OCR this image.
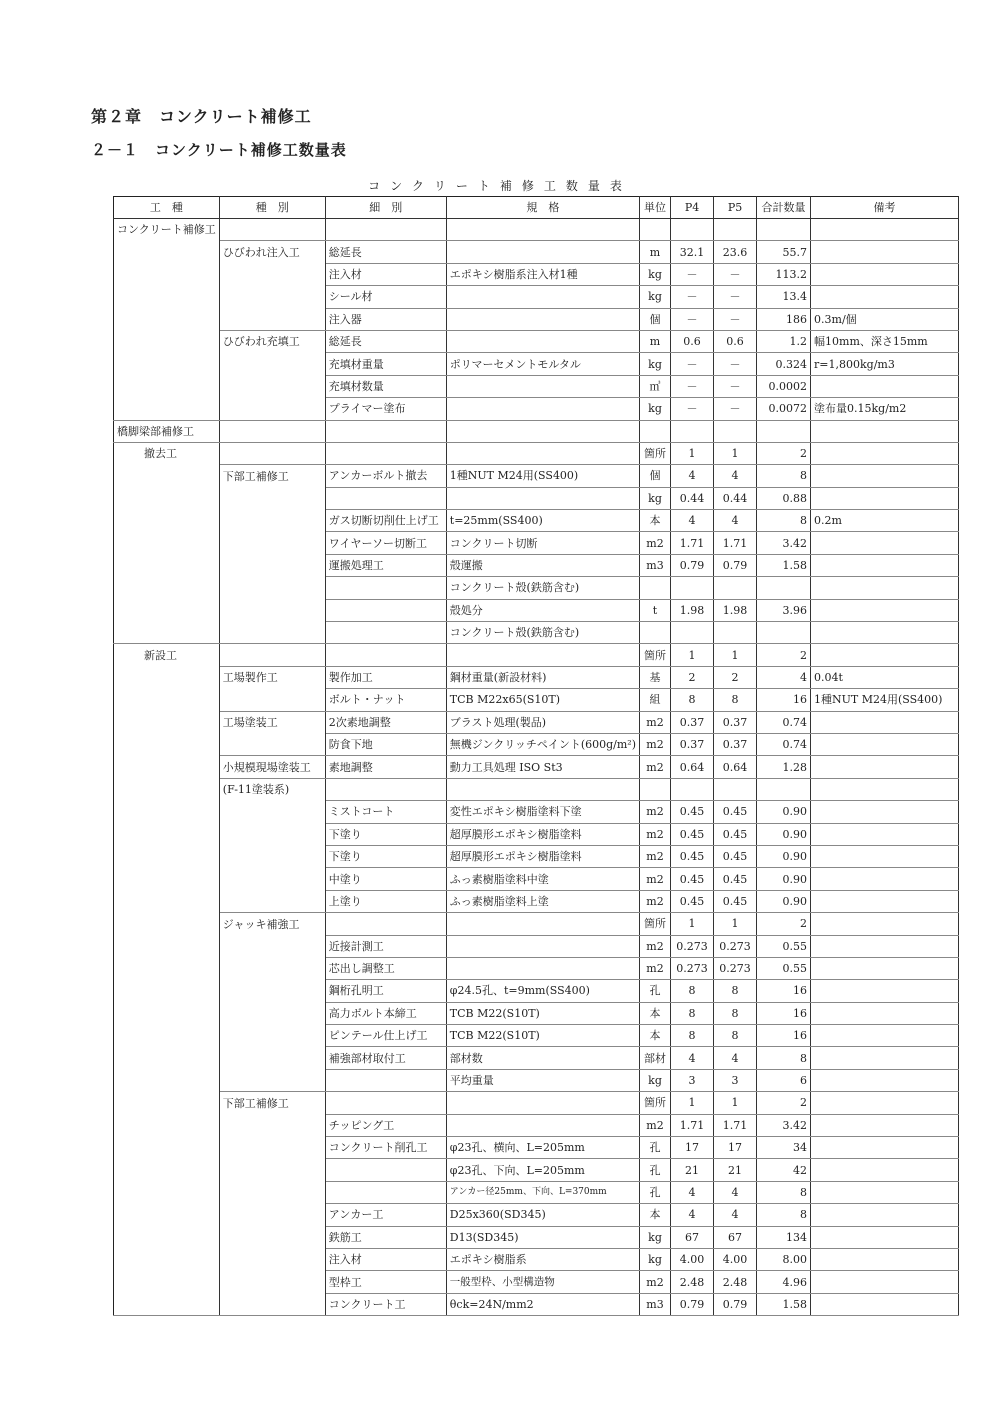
第２章　コンクリート補修工
２－１　コンクリート補修工数量表
コンクリート補修工数量表
工　種	種　別	細　別	規　格	単位	P4	P5	合計数量	備考
コンクリート補修工								
	ひびわれ注入工	総延長		m	32.1	23.6	55.7	
		注入材	エポキシ樹脂系注入材1種	kg	－	－	113.2	
		シール材		kg	－	－	13.4	
		注入器		個	－	－	186	0.3m/個
	ひびわれ充填工	総延長		m	0.6	0.6	1.2	幅10mm、深さ15mm
		充填材重量	ポリマーセメントモルタル	kg	－	－	0.324	r=1,800kg/m3
		充填材数量		㎥	－	－	0.0002	
		プライマー塗布		kg	－	－	0.0072	塗布量0.15kg/m2
橋脚梁部補修工								
撤去工				箇所	1	1	2	
	下部工補修工	アンカーボルト撤去	1種NUT M24用(SS400)	個	4	4	8	
				kg	0.44	0.44	0.88	
		ガス切断切削仕上げ工	t=25mm(SS400)	本	4	4	8	0.2m
		ワイヤーソー切断工	コンクリート切断	m2	1.71	1.71	3.42	
		運搬処理工	殻運搬	m3	0.79	0.79	1.58	
			コンクリート殻(鉄筋含む)					
			殻処分	t	1.98	1.98	3.96	
			コンクリート殻(鉄筋含む)					
新設工				箇所	1	1	2	
	工場製作工	製作加工	鋼材重量(新設材料)	基	2	2	4	0.04t
		ボルト・ナット	TCB M22x65(S10T)	組	8	8	16	1種NUT M24用(SS400)
	工場塗装工	2次素地調整	ブラスト処理(製品)	m2	0.37	0.37	0.74	
		防食下地	無機ジンクリッチペイント(600g/m²)	m2	0.37	0.37	0.74	
	小規模現場塗装工	素地調整	動力工具処理 ISO St3	m2	0.64	0.64	1.28	
	(F-11塗装系)							
		ミストコート	変性エポキシ樹脂塗料下塗	m2	0.45	0.45	0.90	
		下塗り	超厚膜形エポキシ樹脂塗料	m2	0.45	0.45	0.90	
		下塗り	超厚膜形エポキシ樹脂塗料	m2	0.45	0.45	0.90	
		中塗り	ふっ素樹脂塗料中塗	m2	0.45	0.45	0.90	
		上塗り	ふっ素樹脂塗料上塗	m2	0.45	0.45	0.90	
	ジャッキ補強工			箇所	1	1	2	
		近接計測工		m2	0.273	0.273	0.55	
		芯出し調整工		m2	0.273	0.273	0.55	
		鋼桁孔明工	φ24.5孔、t=9mm(SS400)	孔	8	8	16	
		高力ボルト本締工	TCB M22(S10T)	本	8	8	16	
		ピンテール仕上げ工	TCB M22(S10T)	本	8	8	16	
		補強部材取付工	部材数	部材	4	4	8	
			平均重量	kg	3	3	6	
	下部工補修工			箇所	1	1	2	
		チッピング工		m2	1.71	1.71	3.42	
		コンクリート削孔工	φ23孔、横向、L=205mm	孔	17	17	34	
			φ23孔、下向、L=205mm	孔	21	21	42	
			アンカー径25mm、下向、L=370mm	孔	4	4	8	
		アンカー工	D25x360(SD345)	本	4	4	8	
		鉄筋工	D13(SD345)	kg	67	67	134	
		注入材	エポキシ樹脂系	kg	4.00	4.00	8.00	
		型枠工	一般型枠、小型構造物	m2	2.48	2.48	4.96	
		コンクリート工	θck=24N/mm2	m3	0.79	0.79	1.58	
